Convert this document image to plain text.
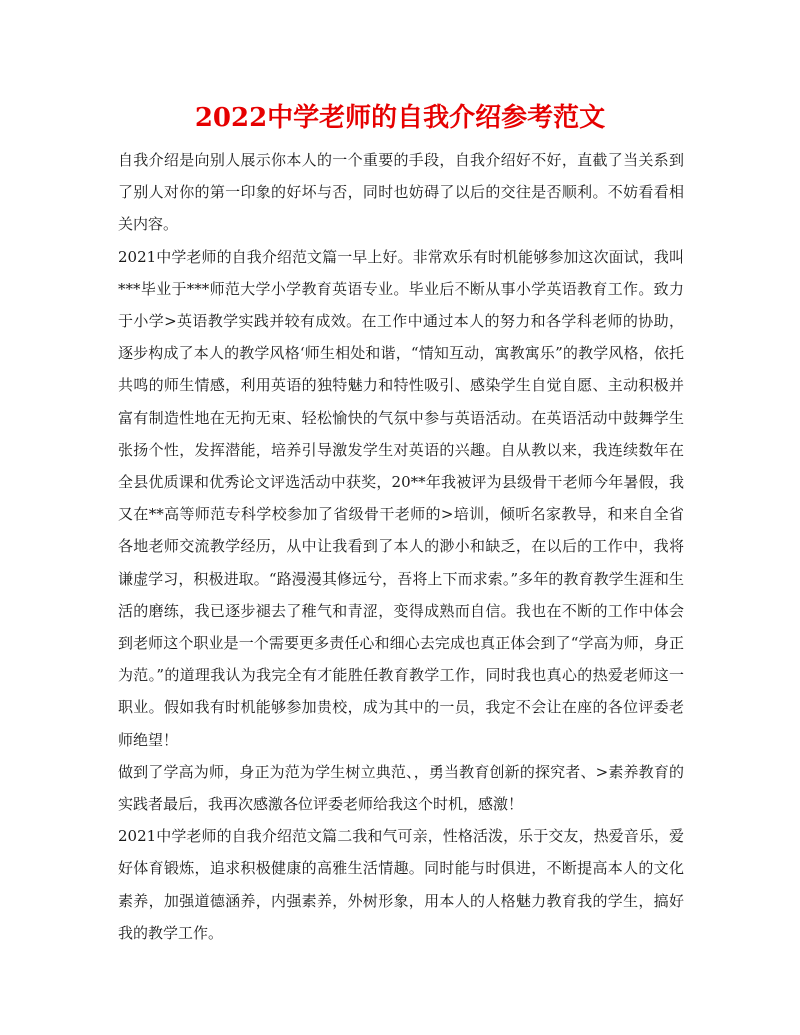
2022中学老师的自我介绍参考范文

自我介绍是向别人展示你本人的一个重要的手段，自我介绍好不好，直截了当关系到了别人对你的第一印象的好坏与否，同时也妨碍了以后的交往是否顺利。不妨看看相关内容。

2021中学老师的自我介绍范文篇一早上好。非常欢乐有时机能够参加这次面试，我叫***毕业于***师范大学小学教育英语专业。毕业后不断从事小学英语教育工作。致力于小学>英语教学实践并较有成效。在工作中通过本人的努力和各学科老师的协助，逐步构成了本人的教学风格‘师生相处和谐，“情知互动，寓教寓乐”的教学风格，依托共鸣的师生情感，利用英语的独特魅力和特性吸引、感染学生自觉自愿、主动积极并富有制造性地在无拘无束、轻松愉快的气氛中参与英语活动。在英语活动中鼓舞学生张扬个性，发挥潜能，培养引导激发学生对英语的兴趣。自从教以来，我连续数年在全县优质课和优秀论文评选活动中获奖，20**年我被评为县级骨干老师今年暑假，我又在**高等师范专科学校参加了省级骨干老师的>培训，倾听名家教导，和来自全省各地老师交流教学经历，从中让我看到了本人的渺小和缺乏，在以后的工作中，我将谦虚学习，积极进取。“路漫漫其修远兮，吾将上下而求索。”多年的教育教学生涯和生活的磨练，我已逐步褪去了稚气和青涩，变得成熟而自信。我也在不断的工作中体会到老师这个职业是一个需要更多责任心和细心去完成也真正体会到了“学高为师，身正为范。”的道理我认为我完全有才能胜任教育教学工作，同时我也真心的热爱老师这一职业。假如我有时机能够参加贵校，成为其中的一员，我定不会让在座的各位评委老师绝望！

做到了学高为师，身正为范为学生树立典范、，勇当教育创新的探究者、>素养教育的实践者最后，我再次感激各位评委老师给我这个时机，感激！

2021中学老师的自我介绍范文篇二我和气可亲，性格活泼，乐于交友，热爱音乐，爱好体育锻炼，追求积极健康的高雅生活情趣。同时能与时俱进，不断提高本人的文化素养，加强道德涵养，内强素养，外树形象，用本人的人格魅力教育我的学生，搞好我的教学工作。
